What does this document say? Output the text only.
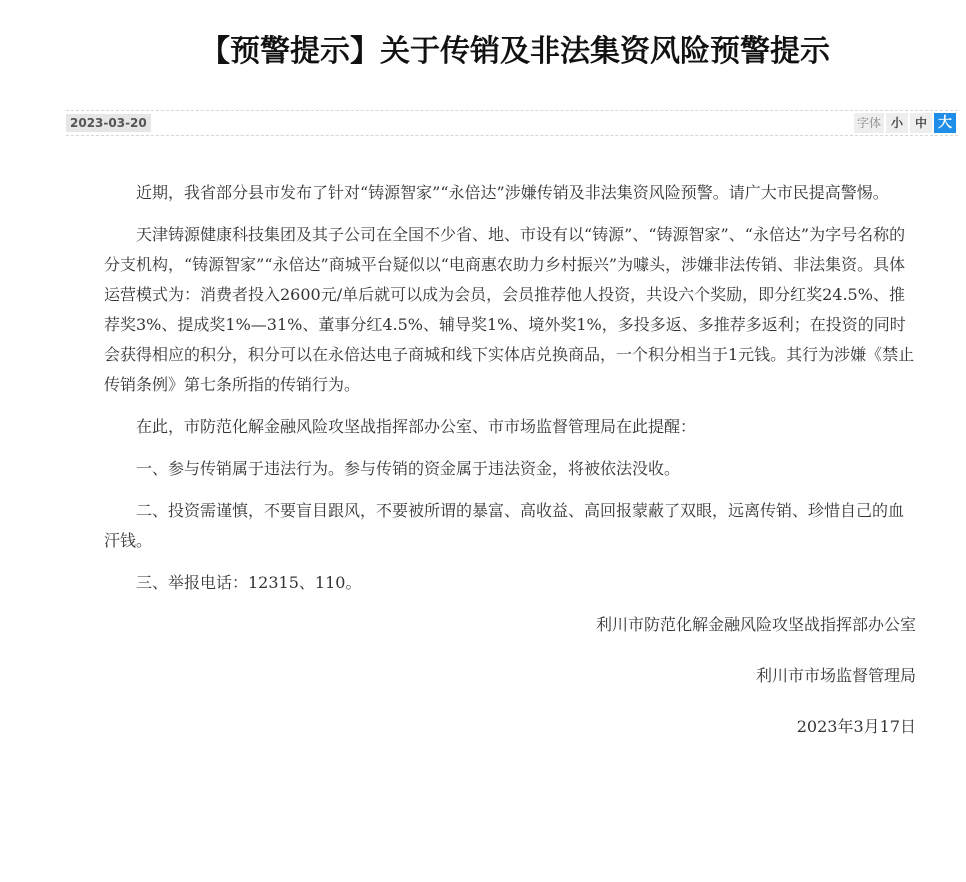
【预警提示】关于传销及非法集资风险预警提示
2023-03-20	字体 小 中 大

近期，我省部分县市发布了针对“铸源智家”“永倍达”涉嫌传销及非法集资风险预警。请广大市民提高警惕。

天津铸源健康科技集团及其子公司在全国不少省、地、市设有以“铸源”、“铸源智家”、“永倍达”为字号名称的分支机构，“铸源智家”“永倍达”商城平台疑似以“电商惠农助力乡村振兴”为噱头，涉嫌非法传销、非法集资。具体运营模式为：消费者投入2600元/单后就可以成为会员，会员推荐他人投资，共设六个奖励，即分红奖24.5%、推荐奖3%、提成奖1%—31%、董事分红4.5%、辅导奖1%、境外奖1%，多投多返、多推荐多返利；在投资的同时会获得相应的积分，积分可以在永倍达电子商城和线下实体店兑换商品，一个积分相当于1元钱。其行为涉嫌《禁止传销条例》第七条所指的传销行为。

在此，市防范化解金融风险攻坚战指挥部办公室、市市场监督管理局在此提醒：

一、参与传销属于违法行为。参与传销的资金属于违法资金，将被依法没收。

二、投资需谨慎，不要盲目跟风，不要被所谓的暴富、高收益、高回报蒙蔽了双眼，远离传销、珍惜自己的血汗钱。

三、举报电话：12315、110。

利川市防范化解金融风险攻坚战指挥部办公室

利川市市场监督管理局

2023年3月17日
